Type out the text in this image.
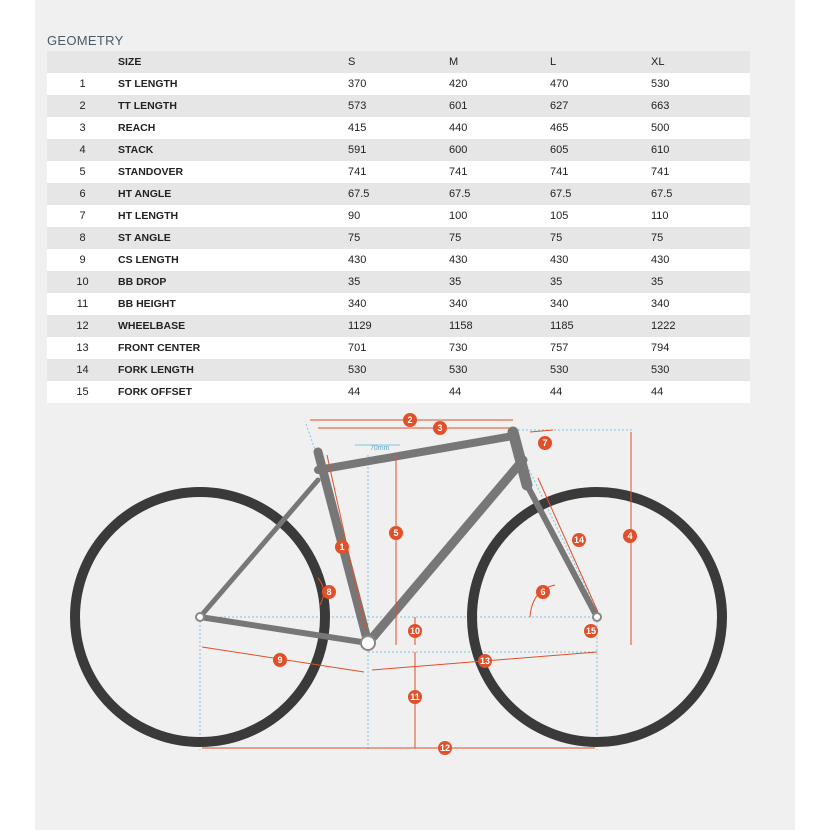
GEOMETRY
	SIZE	S	M	L	XL
1	ST LENGTH	370	420	470	530
2	TT LENGTH	573	601	627	663
3	REACH	415	440	465	500
4	STACK	591	600	605	610
5	STANDOVER	741	741	741	741
6	HT ANGLE	67.5	67.5	67.5	67.5
7	HT LENGTH	90	100	105	110
8	ST ANGLE	75	75	75	75
9	CS LENGTH	430	430	430	430
10	BB DROP	35	35	35	35
11	BB HEIGHT	340	340	340	340
12	WHEELBASE	1129	1158	1185	1222
13	FRONT CENTER	701	730	757	794
14	FORK LENGTH	530	530	530	530
15	FORK OFFSET	44	44	44	44
70mm
1
2
3
4
5
6
7
8
9
10
11
12
13
14
15
